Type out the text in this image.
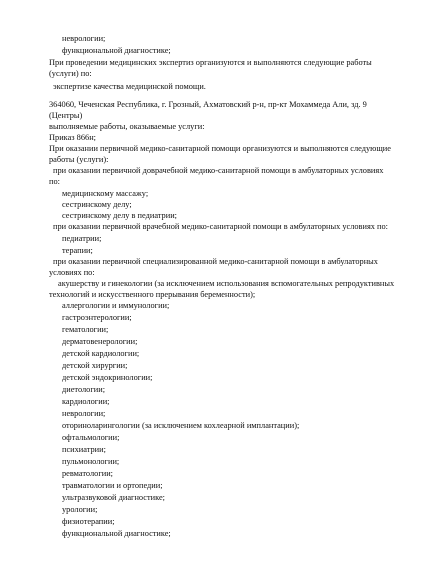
неврологии;
функциональной диагностике;
При проведении медицинских экспертиз организуются и выполняются следующие работы
(услуги) по:
экспертизе качества медицинской помощи.
364060, Чеченская Республика, г. Грозный, Ахматовский р-н, пр-кт Мохаммеда Али, зд. 9
(Центры)
выполняемые работы, оказываемые услуги:
Приказ 866н;
При оказании первичной медико-санитарной помощи организуются и выполняются следующие
работы (услуги):
при оказании первичной доврачебной медико-санитарной помощи в амбулаторных условиях
по:
медицинскому массажу;
сестринскому делу;
сестринскому делу в педиатрии;
при оказании первичной врачебной медико-санитарной помощи в амбулаторных условиях по:
педиатрии;
терапии;
при оказании первичной специализированной медико-санитарной помощи в амбулаторных
условиях по:
акушерству и гинекологии (за исключением использования вспомогательных репродуктивных
технологий и искусственного прерывания беременности);
аллергологии и иммунологии;
гастроэнтерологии;
гематологии;
дерматовенерологии;
детской кардиологии;
детской хирургии;
детской эндокринологии;
диетологии;
кардиологии;
неврологии;
оториноларингологии (за исключением кохлеарной имплантации);
офтальмологии;
психиатрии;
пульмонологии;
ревматологии;
травматологии и ортопедии;
ультразвуковой диагностике;
урологии;
физиотерапии;
функциональной диагностике;
